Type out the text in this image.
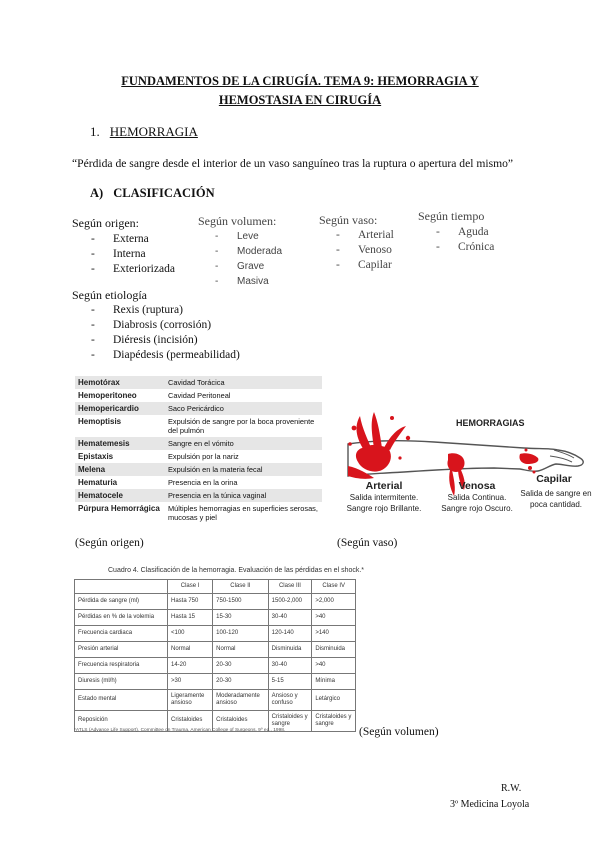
FUNDAMENTOS DE LA CIRUGÍA. TEMA 9: HEMORRAGIA Y HEMOSTASIA EN CIRUGÍA
1. HEMORRAGIA
“Pérdida de sangre desde el interior de un vaso sanguíneo tras la ruptura o apertura del mismo”
A) CLASIFICACIÓN
Según origen:
- Externa
- Interna
- Exteriorizada
Según volumen:
- Leve
- Moderada
- Grave
- Masiva
Según vaso:
- Arterial
- Venoso
- Capilar
Según tiempo
- Aguda
- Crónica
Según etiología
- Rexis (ruptura)
- Diabrosis (corrosión)
- Diéresis (incisión)
- Diapédesis (permeabilidad)
Hemotórax	Cavidad Torácica
Hemoperitoneo	Cavidad Peritoneal
Hemopericardio	Saco Pericárdico
Hemoptisis	Expulsión de sangre por la boca proveniente del pulmón
Hematemesis	Sangre en el vómito
Epistaxis	Expulsión por la nariz
Melena	Expulsión en la materia fecal
Hematuria	Presencia en la orina
Hematocele	Presencia en la túnica vaginal
Púrpura Hemorrágica	Múltiples hemorragias en superficies serosas, mucosas y piel
HEMORRAGIAS
Arterial
Salida intermitente.
Sangre rojo Brillante.
Venosa
Salida Continua.
Sangre rojo Oscuro.
Capilar
Salida de sangre en
poca cantidad.
(Según origen)	(Según vaso)
Cuadro 4. Clasificación de la hemorragia. Evaluación de las pérdidas en el shock.*
	Clase I	Clase II	Clase III	Clase IV
Pérdida de sangre (ml)	Hasta 750	750-1500	1500-2,000	>2,000
Pérdidas en % de la volemia	Hasta 15	15-30	30-40	>40
Frecuencia cardiaca	<100	100-120	120-140	>140
Presión arterial	Normal	Normal	Disminuida	Disminuida
Frecuencia respiratoria	14-20	20-30	30-40	>40
Diuresis (ml/h)	>30	20-30	5-15	Mínima
Estado mental	Ligeramente ansioso	Moderadamente ansioso	Ansioso y confuso	Letárgico
Reposición	Cristaloides	Cristaloides	Cristaloides y sangre	Cristaloides y sangre
*ATLS (Advance Life Support). Committee on Trauma, American College of Surgeons. 9º ed., 1998.	(Según volumen)
R.W.
3º Medicina Loyola
